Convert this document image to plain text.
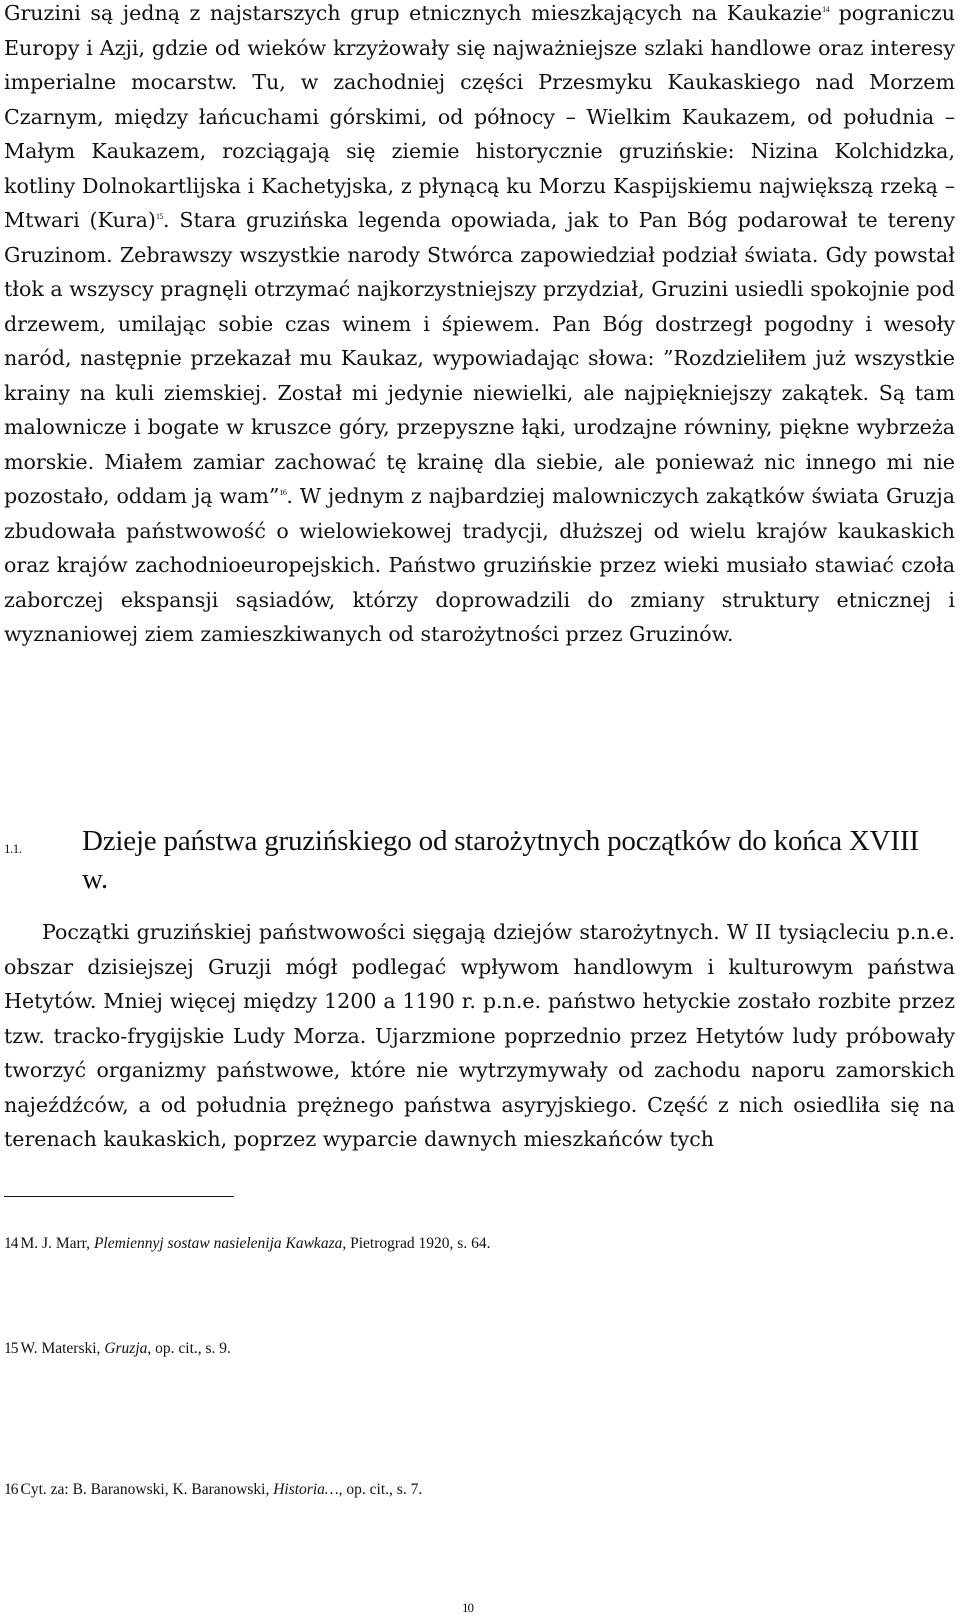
Gruzini są jedną z najstarszych grup etnicznych mieszkających na Kaukazie$^{14}$ pograniczu Europy i Azji, gdzie od wieków krzyżowały się najważniejsze szlaki handlowe oraz interesy imperialne mocarstw. Tu, w zachodniej części Przesmyku Kaukaskiego nad Morzem Czarnym, między łańcuchami górskimi, od północy – Wielkim Kaukazem, od południa – Małym Kaukazem, rozciągają się ziemie historycznie gruzińskie: Nizina Kolchidzka, kotliny Dolnokartlijska i Kachetyjska, z płynącą ku Morzu Kaspijskiemu największą rzeką – Mtwari (Kura)$^{15}$. Stara gruzińska legenda opowiada, jak to Pan Bóg podarował te tereny Gruzinom. Zebrawszy wszystkie narody Stwórca zapowiedział podział świata. Gdy powstał tłok a wszyscy pragnęli otrzymać najkorzystniejszy przydział, Gruzini usiedli spokojnie pod drzewem, umilając sobie czas winem i śpiewem. Pan Bóg dostrzegł pogodny i wesoły naród, następnie przekazał mu Kaukaz, wypowiadając słowa: ”Rozdzieliłem już wszystkie krainy na kuli ziemskiej. Został mi jedynie niewielki, ale najpiękniejszy zakątek. Są tam malownicze i bogate w kruszce góry, przepyszne łąki, urodzajne równiny, piękne wybrzeża morskie. Miałem zamiar zachować tę krainę dla siebie, ale ponieważ nic innego mi nie pozostało, oddam ją wam”$^{16}$. W jednym z najbardziej malowniczych zakątków świata Gruzja zbudowała państwowość o wielowiekowej tradycji, dłuższej od wielu krajów kaukaskich oraz krajów zachodnioeuropejskich. Państwo gruzińskie przez wieki musiało stawiać czoła zaborczej ekspansji sąsiadów, którzy doprowadzili do zmiany struktury etnicznej i wyznaniowej ziem zamieszkiwanych od starożytności przez Gruzinów.

1.1. Dzieje państwa gruzińskiego od starożytnych początków do końca XVIII w.

Początki gruzińskiej państwowości sięgają dziejów starożytnych. W II tysiącleciu p.n.e. obszar dzisiejszej Gruzji mógł podlegać wpływom handlowym i kulturowym państwa Hetytów. Mniej więcej między 1200 a 1190 r. p.n.e. państwo hetyckie zostało rozbite przez tzw. tracko-frygijskie Ludy Morza. Ujarzmione poprzednio przez Hetytów ludy próbowały tworzyć organizmy państwowe, które nie wytrzymywały od zachodu naporu zamorskich najeźdźców, a od południa prężnego państwa asyryjskiego. Część z nich osiedliła się na terenach kaukaskich, poprzez wyparcie dawnych mieszkańców tych

14 M. J. Marr, Plemiennyj sostaw nasielenija Kawkaza, Pietrograd 1920, s. 64.
15 W. Materski, Gruzja, op. cit., s. 9.
16 Cyt. za: B. Baranowski, K. Baranowski, Historia…, op. cit., s. 7.
10
